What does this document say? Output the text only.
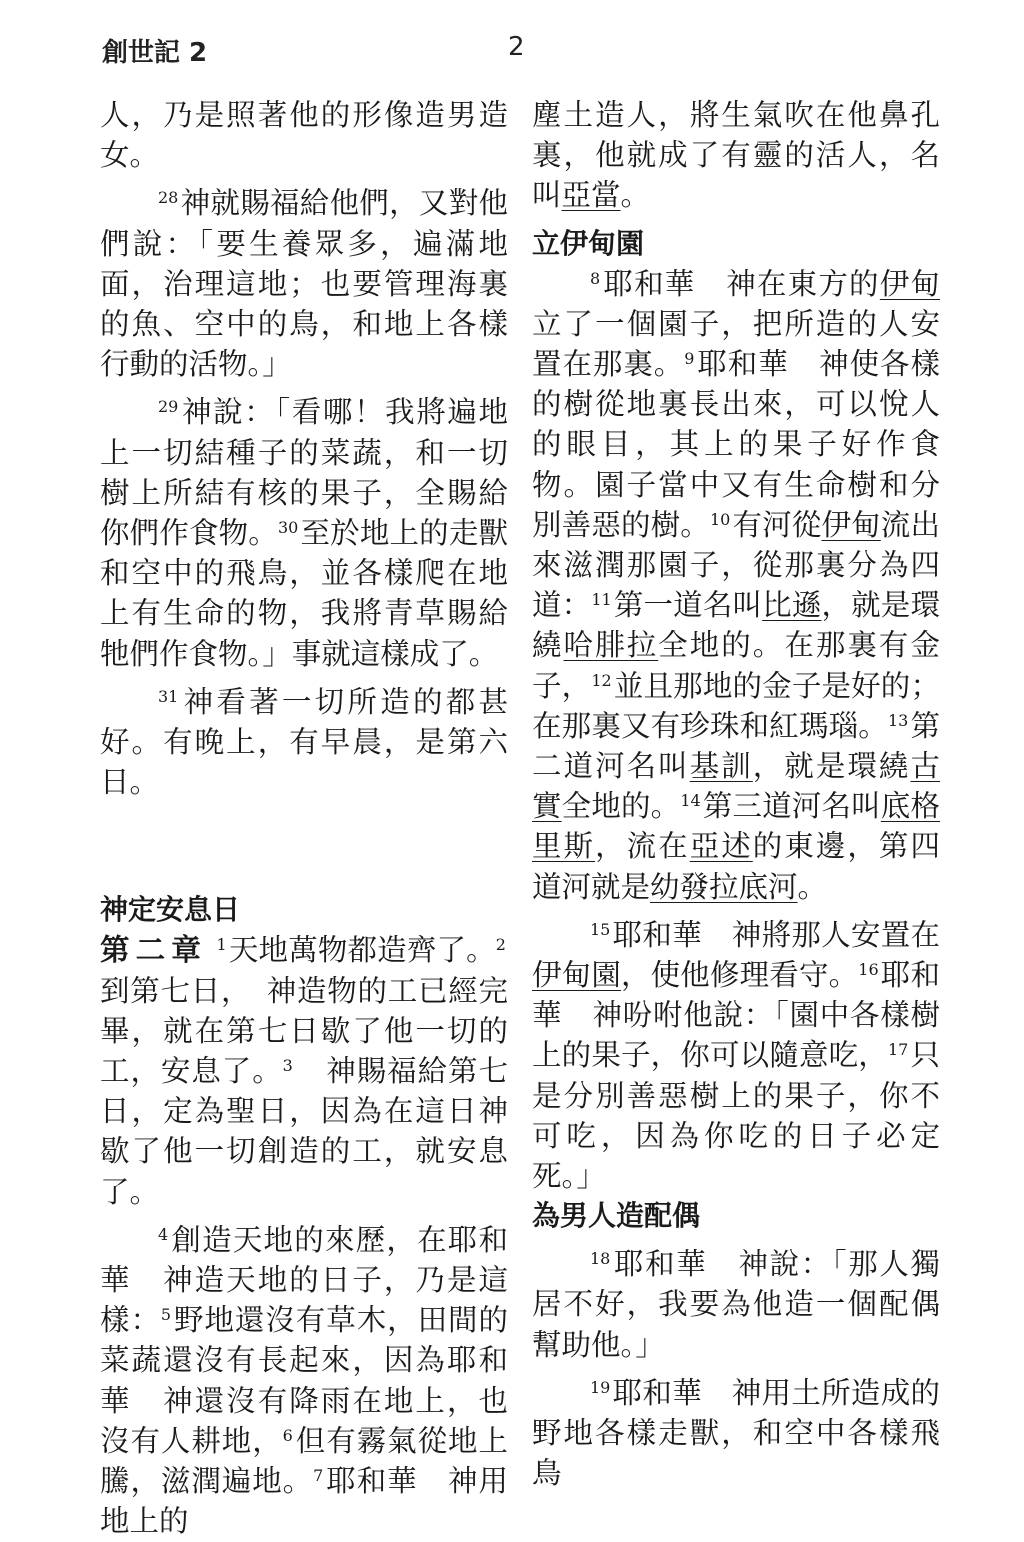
創世記 2	2

人，乃是照著他的形像造男造女。

$^{28}$神就賜福給他們，又對他們說：「要生養眾多，遍滿地面，治理這地；也要管理海裏的魚、空中的鳥，和地上各樣行動的活物。」

$^{29}$神說：「看哪！我將遍地上一切結種子的菜蔬，和一切樹上所結有核的果子，全賜給你們作食物。$^{30}$至於地上的走獸和空中的飛鳥，並各樣爬在地上有生命的物，我將青草賜給牠們作食物。」事就這樣成了。

$^{31}$神看著一切所造的都甚好。有晚上，有早晨，是第六日。

神定安息日

第二章 $^1$天地萬物都造齊了。$^2$到第七日，　神造物的工已經完畢，就在第七日歇了他一切的工，安息了。$^3$　神賜福給第七日，定為聖日，因為在這日神歇了他一切創造的工，就安息了。

$^4$創造天地的來歷，在耶和華　神造天地的日子，乃是這樣：$^5$野地還沒有草木，田間的菜蔬還沒有長起來，因為耶和華　神還沒有降雨在地上，也沒有人耕地，$^6$但有霧氣從地上騰，滋潤遍地。$^7$耶和華　神用地上的

塵土造人，將生氣吹在他鼻孔裏，他就成了有靈的活人，名叫亞當。

立伊甸園

$^8$耶和華　神在東方的伊甸立了一個園子，把所造的人安置在那裏。$^9$耶和華　神使各樣的樹從地裏長出來，可以悅人的眼目，其上的果子好作食物。園子當中又有生命樹和分別善惡的樹。$^{10}$有河從伊甸流出來滋潤那園子，從那裏分為四道：$^{11}$第一道名叫比遜，就是環繞哈腓拉全地的。在那裏有金子，$^{12}$並且那地的金子是好的；在那裏又有珍珠和紅瑪瑙。$^{13}$第二道河名叫基訓，就是環繞古實全地的。$^{14}$第三道河名叫底格里斯，流在亞述的東邊，第四道河就是幼發拉底河。

$^{15}$耶和華　神將那人安置在伊甸園，使他修理看守。$^{16}$耶和華　神吩咐他說：「園中各樣樹上的果子，你可以隨意吃，$^{17}$只是分別善惡樹上的果子，你不可吃，因為你吃的日子必定死。」

為男人造配偶

$^{18}$耶和華　神說：「那人獨居不好，我要為他造一個配偶幫助他。」

$^{19}$耶和華　神用土所造成的野地各樣走獸，和空中各樣飛鳥
